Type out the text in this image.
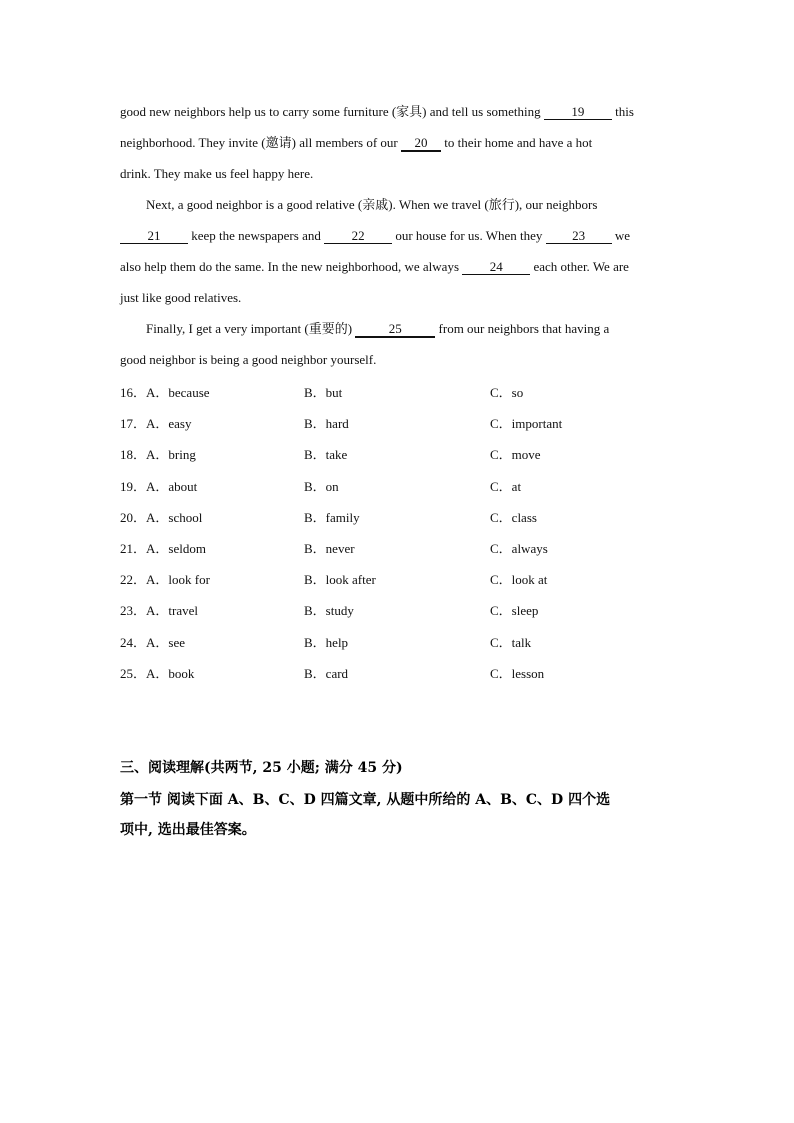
good new neighbors help us to carry some furniture (家具) and tell us something 19 this
neighborhood. They invite (邀请) all members of our 20 to their home and have a hot
drink. They make us feel happy here.
Next, a good neighbor is a good relative (亲戚). When we travel (旅行), our neighbors
21 keep the newspapers and 22 our house for us. When they 23 we
also help them do the same. In the new neighborhood, we always 24 each other. We are
just like good relatives.
Finally, I get a very important (重要的)	25	from our neighbors that having a
good neighbor is being a good neighbor yourself.
16．A．because	B．but	C．so
17．A．easy	B．hard	C．important
18．A．bring	B．take	C．move
19．A．about	B．on	C．at
20．A．school	B．family	C．class
21．A．seldom	B．never	C．always
22．A．look for	B．look after	C．look at
23．A．travel	B．study	C．sleep
24．A．see	B．help	C．talk
25．A．book	B．card	C．lesson
三、阅读理解(共两节, 25 小题; 满分 45 分)
第一节 阅读下面 A、B、C、D 四篇文章, 从题中所给的 A、B、C、D 四个选
项中, 选出最佳答案。
